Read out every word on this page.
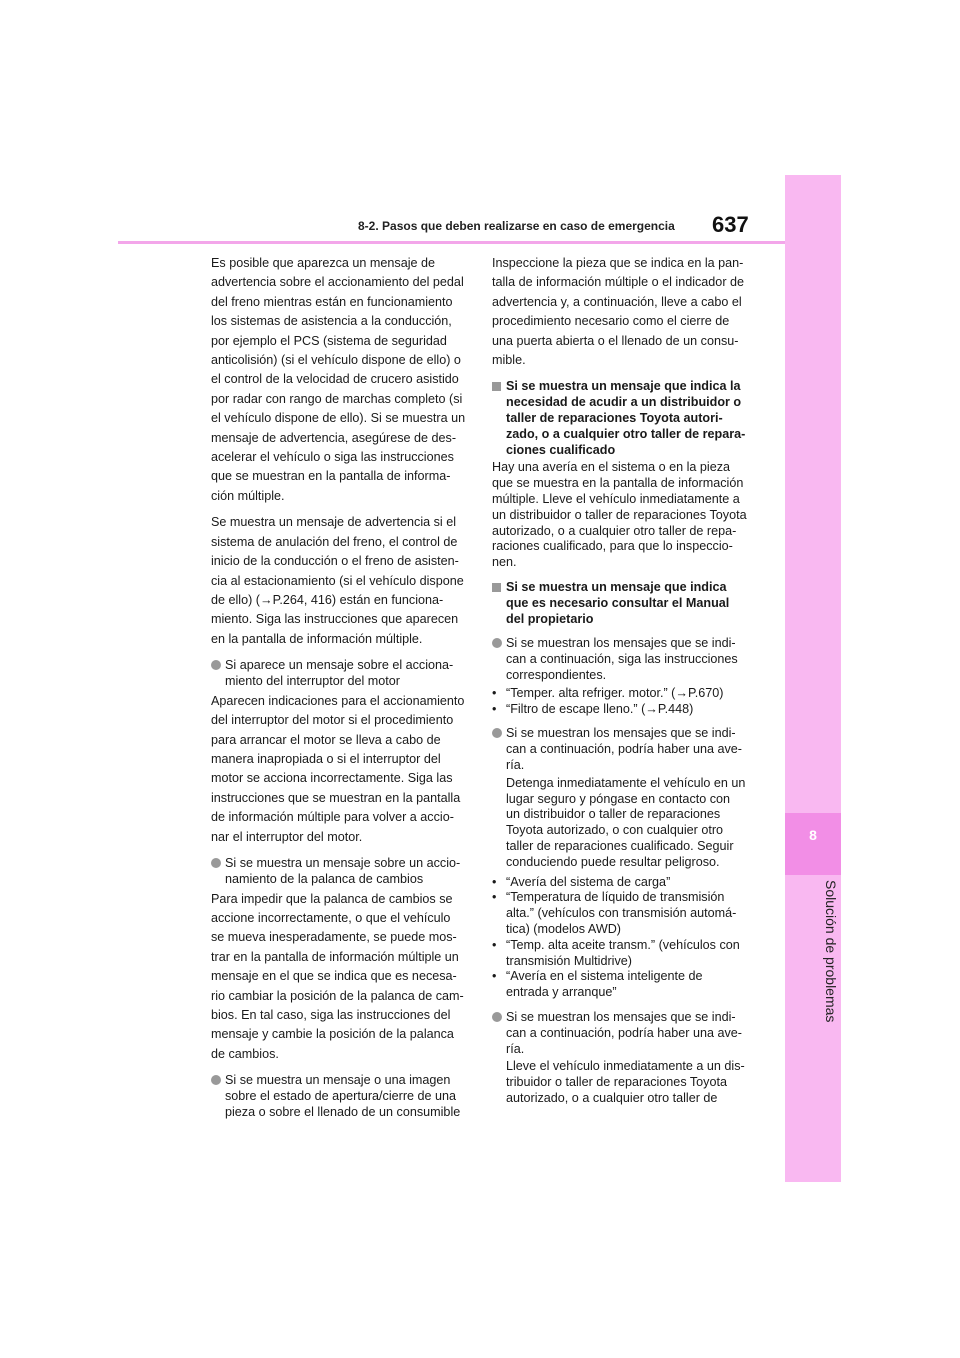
8
Solución de problemas
8-2. Pasos que deben realizarse en caso de emergencia 637
Es posible que aparezca un mensaje de
advertencia sobre el accionamiento del pedal
del freno mientras están en funcionamiento
los sistemas de asistencia a la conducción,
por ejemplo el PCS (sistema de seguridad
anticolisión) (si el vehículo dispone de ello) o
el control de la velocidad de crucero asistido
por radar con rango de marchas completo (si
el vehículo dispone de ello). Si se muestra un
mensaje de advertencia, asegúrese de des-
acelerar el vehículo o siga las instrucciones
que se muestran en la pantalla de informa-
ción múltiple.
Se muestra un mensaje de advertencia si el
sistema de anulación del freno, el control de
inicio de la conducción o el freno de asisten-
cia al estacionamiento (si el vehículo dispone
de ello) (→P.264, 416) están en funciona-
miento. Siga las instrucciones que aparecen
en la pantalla de información múltiple.
Si aparece un mensaje sobre el acciona-
miento del interruptor del motor
Aparecen indicaciones para el accionamiento
del interruptor del motor si el procedimiento
para arrancar el motor se lleva a cabo de
manera inapropiada o si el interruptor del
motor se acciona incorrectamente. Siga las
instrucciones que se muestran en la pantalla
de información múltiple para volver a accio-
nar el interruptor del motor.
Si se muestra un mensaje sobre un accio-
namiento de la palanca de cambios
Para impedir que la palanca de cambios se
accione incorrectamente, o que el vehículo
se mueva inesperadamente, se puede mos-
trar en la pantalla de información múltiple un
mensaje en el que se indica que es necesa-
rio cambiar la posición de la palanca de cam-
bios. En tal caso, siga las instrucciones del
mensaje y cambie la posición de la palanca
de cambios.
Si se muestra un mensaje o una imagen
sobre el estado de apertura/cierre de una
pieza o sobre el llenado de un consumible
Inspeccione la pieza que se indica en la pan-
talla de información múltiple o el indicador de
advertencia y, a continuación, lleve a cabo el
procedimiento necesario como el cierre de
una puerta abierta o el llenado de un consu-
mible.
Si se muestra un mensaje que indica la
necesidad de acudir a un distribuidor o
taller de reparaciones Toyota autori-
zado, o a cualquier otro taller de repara-
ciones cualificado
Hay una avería en el sistema o en la pieza
que se muestra en la pantalla de información
múltiple. Lleve el vehículo inmediatamente a
un distribuidor o taller de reparaciones Toyota
autorizado, o a cualquier otro taller de repa-
raciones cualificado, para que lo inspeccio-
nen.
Si se muestra un mensaje que indica
que es necesario consultar el Manual
del propietario
Si se muestran los mensajes que se indi-
can a continuación, siga las instrucciones
correspondientes.
• “Temper. alta refriger. motor.” (→P.670)
• “Filtro de escape lleno.” (→P.448)
Si se muestran los mensajes que se indi-
can a continuación, podría haber una ave-
ría.
Detenga inmediatamente el vehículo en un
lugar seguro y póngase en contacto con
un distribuidor o taller de reparaciones
Toyota autorizado, o con cualquier otro
taller de reparaciones cualificado. Seguir
conduciendo puede resultar peligroso.
• “Avería del sistema de carga”
• “Temperatura de líquido de transmisión
alta.” (vehículos con transmisión automá-
tica) (modelos AWD)
• “Temp. alta aceite transm.” (vehículos con
transmisión Multidrive)
• “Avería en el sistema inteligente de
entrada y arranque”
Si se muestran los mensajes que se indi-
can a continuación, podría haber una ave-
ría.
Lleve el vehículo inmediatamente a un dis-
tribuidor o taller de reparaciones Toyota
autorizado, o a cualquier otro taller de
